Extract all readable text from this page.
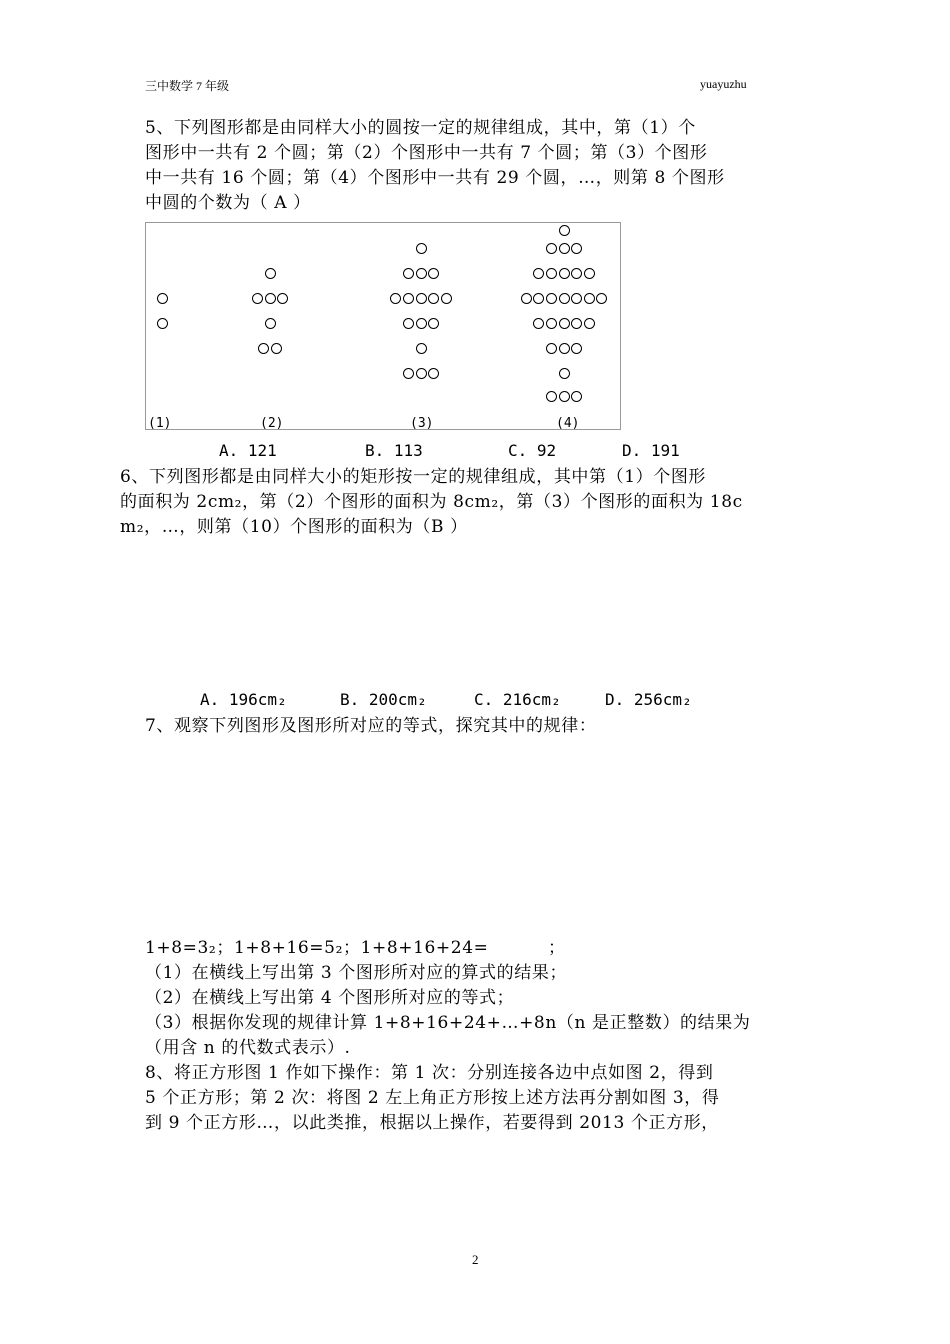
三中数学 7 年级	yuayuzhu
5、下列图形都是由同样大小的圆按一定的规律组成，其中，第（1）个
图形中一共有 2 个圆；第（2）个图形中一共有 7 个圆；第（3）个图形
中一共有 16 个圆；第（4）个图形中一共有 29 个圆，…，则第 8 个图形
中圆的个数为（ A ）
(1)	(2)	(3)	(4)
A. 121	B. 113	C. 92	D. 191
6、下列图形都是由同样大小的矩形按一定的规律组成，其中第（1）个图形
的面积为 2cm₂，第（2）个图形的面积为 8cm₂，第（3）个图形的面积为 18c
m₂，…，则第（10）个图形的面积为（B ）
A. 196cm₂	B. 200cm₂	C. 216cm₂	D. 256cm₂
7、观察下列图形及图形所对应的等式，探究其中的规律：
1+8=3₂；1+8+16=5₂；1+8+16+24=	；
（1）在横线上写出第 3 个图形所对应的算式的结果；
（2）在横线上写出第 4 个图形所对应的等式；
（3）根据你发现的规律计算 1+8+16+24+…+8n（n 是正整数）的结果为
（用含 n 的代数式表示）.
8、将正方形图 1 作如下操作：第 1 次：分别连接各边中点如图 2，得到
5 个正方形；第 2 次：将图 2 左上角正方形按上述方法再分割如图 3，得
到 9 个正方形…，以此类推，根据以上操作，若要得到 2013 个正方形，
2
